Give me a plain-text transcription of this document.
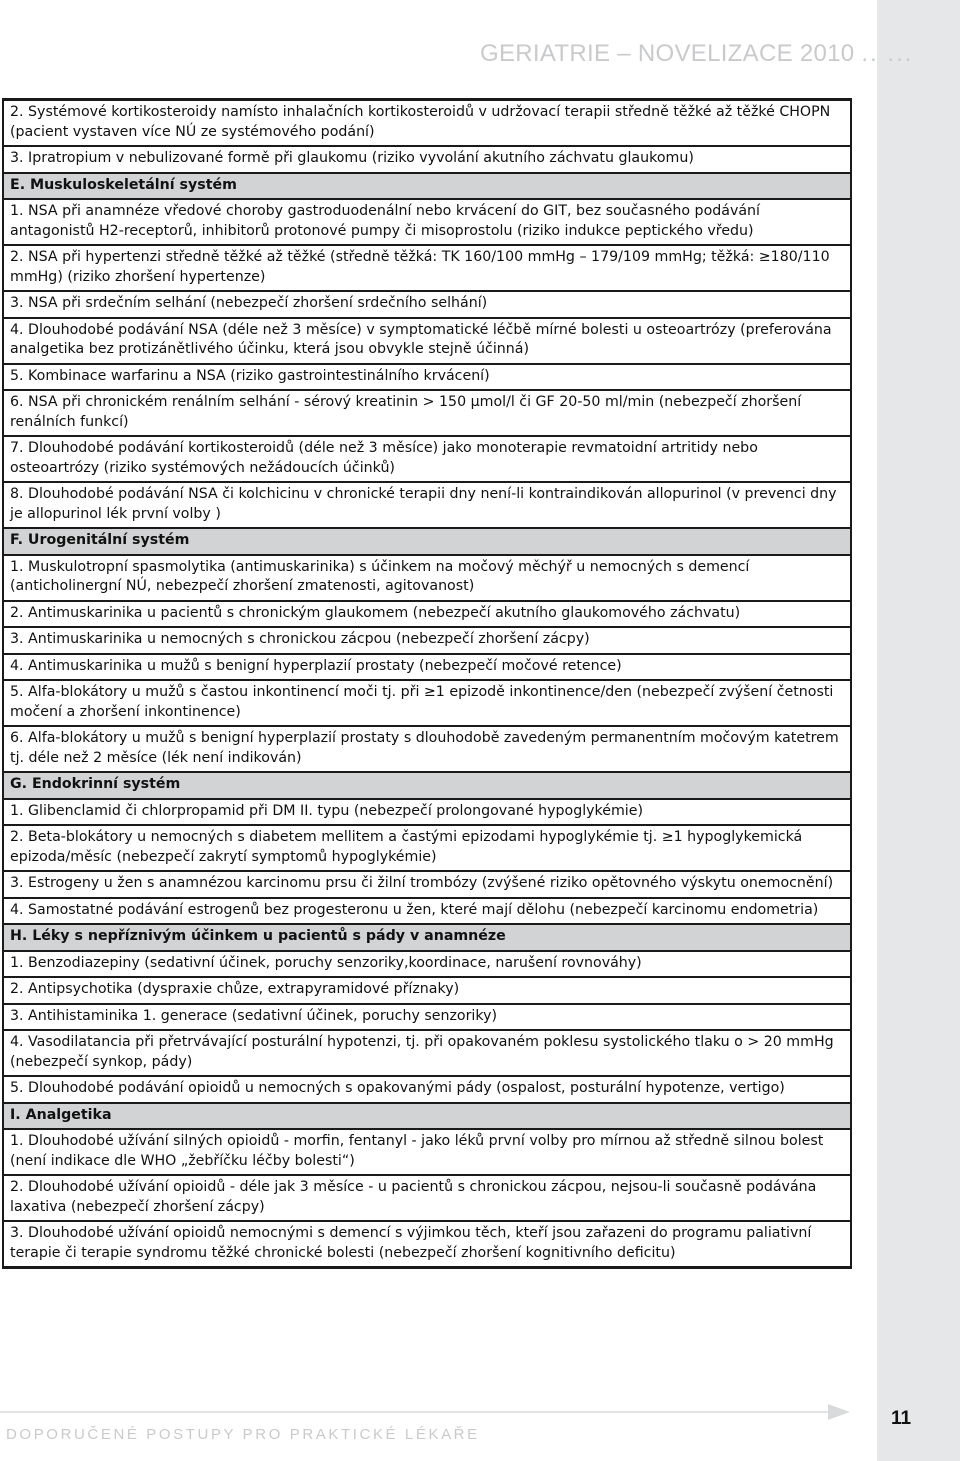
GERIATRIE – NOVELIZACE 2010 .. ...
2. Systémové kortikosteroidy namísto inhalačních kortikosteroidů v udržovací terapii středně těžké až těžké CHOPN (pacient vystaven více NÚ ze systémového podání)
3. Ipratropium v nebulizované formě při glaukomu (riziko vyvolání akutního záchvatu glaukomu)
E. Muskuloskeletální systém
1. NSA při anamnéze vředové choroby gastroduodenální nebo krvácení do GIT, bez současného podávání antagonistů H2-receptorů, inhibitorů protonové pumpy či misoprostolu (riziko indukce peptického vředu)
2. NSA při hypertenzi středně těžké až těžké (středně těžká: TK 160/100 mmHg – 179/109 mmHg; těžká: ≥180/110 mmHg) (riziko zhoršení hypertenze)
3. NSA při srdečním selhání (nebezpečí zhoršení srdečního selhání)
4. Dlouhodobé podávání NSA (déle než 3 měsíce) v symptomatické léčbě mírné bolesti u osteoartrózy (preferována analgetika bez protizánětlivého účinku, která jsou obvykle stejně účinná)
5. Kombinace warfarinu a NSA (riziko gastrointestinálního krvácení)
6. NSA při chronickém renálním selhání - sérový kreatinin > 150 µmol/l či GF 20-50 ml/min (nebezpečí zhoršení renálních funkcí)
7. Dlouhodobé podávání kortikosteroidů (déle než 3 měsíce) jako monoterapie revmatoidní artritidy nebo osteoartrózy (riziko systémových nežádoucích účinků)
8. Dlouhodobé podávání NSA či kolchicinu v chronické terapii dny není-li kontraindikován allopurinol (v prevenci dny je allopurinol lék první volby )
F. Urogenitální systém
1. Muskulotropní spasmolytika (antimuskarinika) s účinkem na močový měchýř u nemocných s demencí (anticholinergní NÚ, nebezpečí zhoršení zmatenosti, agitovanost)
2. Antimuskarinika u pacientů s chronickým glaukomem (nebezpečí akutního glaukomového záchvatu)
3. Antimuskarinika u nemocných s chronickou zácpou (nebezpečí zhoršení zácpy)
4. Antimuskarinika u mužů s benigní hyperplazií prostaty (nebezpečí močové retence)
5. Alfa-blokátory u mužů s častou inkontinencí moči tj. při ≥1 epizodě inkontinence/den (nebezpečí zvýšení četnosti močení a zhoršení inkontinence)
6. Alfa-blokátory u mužů s benigní hyperplazií prostaty s dlouhodobě zavedeným permanentním močovým katetrem tj. déle než 2 měsíce (lék není indikován)
G. Endokrinní systém
1. Glibenclamid či chlorpropamid při DM II. typu (nebezpečí prolongované hypoglykémie)
2. Beta-blokátory u nemocných s diabetem mellitem a častými epizodami hypoglykémie tj. ≥1 hypoglykemická epizoda/měsíc (nebezpečí zakrytí symptomů hypoglykémie)
3. Estrogeny u žen s anamnézou karcinomu prsu či žilní trombózy (zvýšené riziko opětovného výskytu onemocnění)
4. Samostatné podávání estrogenů bez progesteronu u žen, které mají dělohu (nebezpečí karcinomu endometria)
H. Léky s nepříznivým účinkem u pacientů s pády v anamnéze
1. Benzodiazepiny (sedativní účinek, poruchy senzoriky,koordinace, narušení rovnováhy)
2. Antipsychotika (dyspraxie chůze, extrapyramidové příznaky)
3. Antihistaminika 1. generace (sedativní účinek, poruchy senzoriky)
4. Vasodilatancia při přetrvávající posturální hypotenzi, tj. při opakovaném poklesu systolického tlaku o > 20 mmHg (nebezpečí synkop, pády)
5. Dlouhodobé podávání opioidů u nemocných s opakovanými pády (ospalost, posturální hypotenze, vertigo)
I. Analgetika
1. Dlouhodobé užívání silných opioidů - morfin, fentanyl - jako léků první volby pro mírnou až středně silnou bolest (není indikace dle WHO „žebříčku léčby bolesti“)
2. Dlouhodobé užívání opioidů - déle jak 3 měsíce - u pacientů s chronickou zácpou, nejsou-li současně podávána laxativa (nebezpečí zhoršení zácpy)
3. Dlouhodobé užívání opioidů nemocnými s demencí s výjimkou těch, kteří jsou zařazeni do programu paliativní terapie či terapie syndromu těžké chronické bolesti (nebezpečí zhoršení kognitivního deficitu)
DOPORUČENÉ POSTUPY PRO PRAKTICKÉ LÉKAŘE
11
